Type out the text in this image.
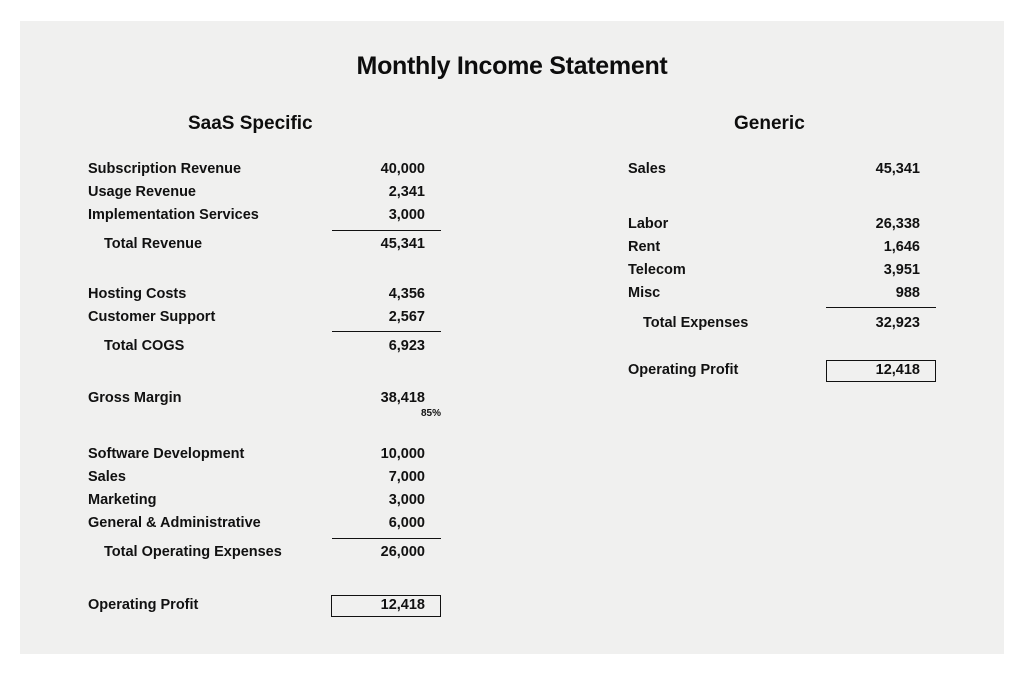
Monthly Income Statement
SaaS Specific
Subscription Revenue	40,000
Usage Revenue	2,341
Implementation Services	3,000
Total Revenue	45,341
Hosting Costs	4,356
Customer Support	2,567
Total COGS	6,923
Gross Margin	38,418
85%
Software Development	10,000
Sales	7,000
Marketing	3,000
General & Administrative	6,000
Total Operating Expenses	26,000
Operating Profit	12,418
Generic
Sales	45,341
Labor	26,338
Rent	1,646
Telecom	3,951
Misc	988
Total Expenses	32,923
Operating Profit	12,418
